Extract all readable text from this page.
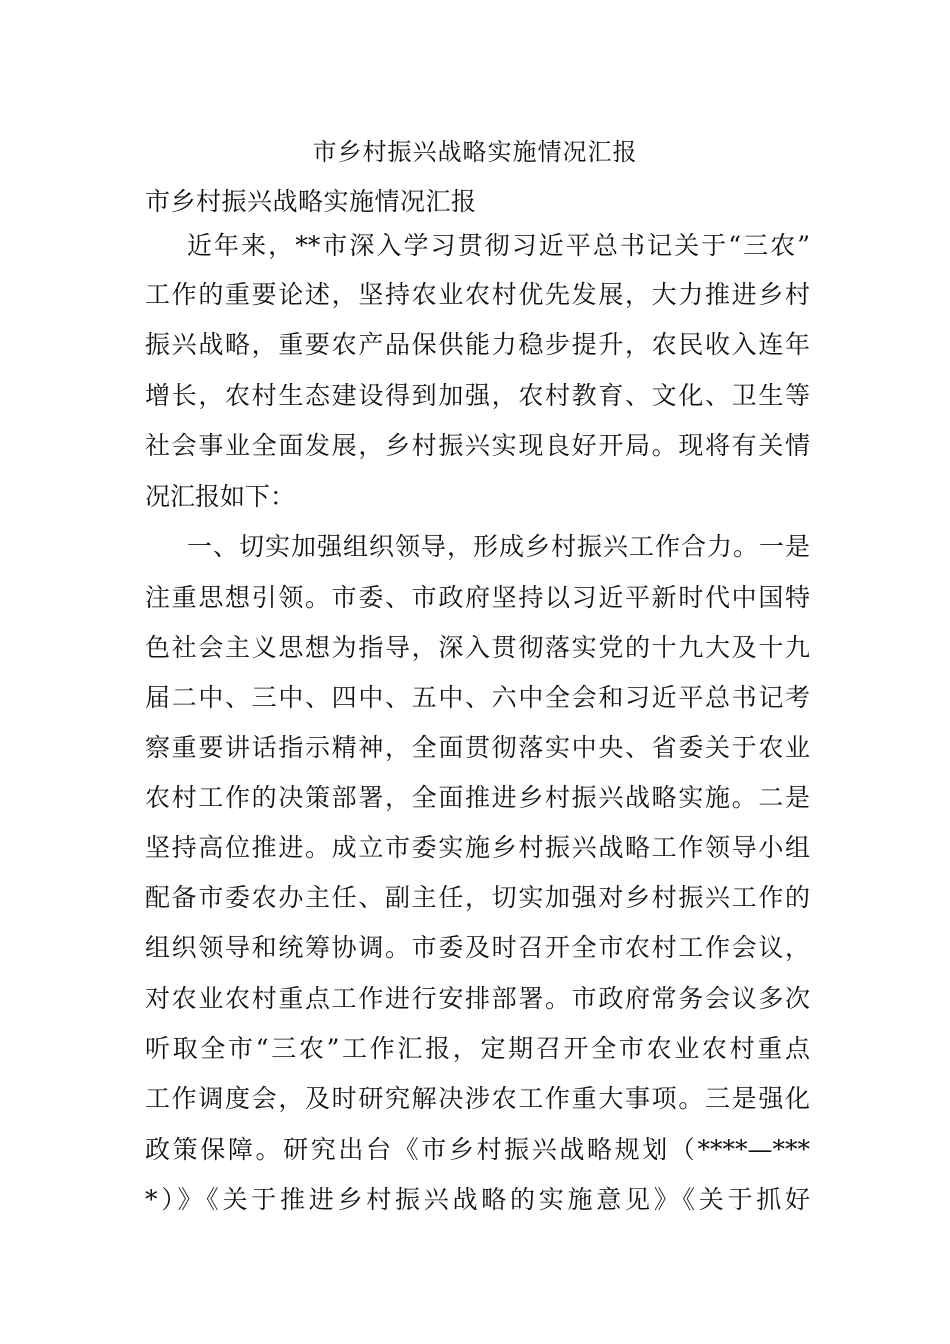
市乡村振兴战略实施情况汇报

市乡村振兴战略实施情况汇报

近年来，**市深入学习贯彻习近平总书记关于“三农”

工作的重要论述，坚持农业农村优先发展，大力推进乡村

振兴战略，重要农产品保供能力稳步提升，农民收入连年

增长，农村生态建设得到加强，农村教育、文化、卫生等

社会事业全面发展，乡村振兴实现良好开局。现将有关情

况汇报如下：

一、切实加强组织领导，形成乡村振兴工作合力。一是

注重思想引领。市委、市政府坚持以习近平新时代中国特

色社会主义思想为指导，深入贯彻落实党的十九大及十九

届二中、三中、四中、五中、六中全会和习近平总书记考

察重要讲话指示精神，全面贯彻落实中央、省委关于农业

农村工作的决策部署，全面推进乡村振兴战略实施。二是

坚持高位推进。成立市委实施乡村振兴战略工作领导小组

配备市委农办主任、副主任，切实加强对乡村振兴工作的

组织领导和统筹协调。市委及时召开全市农村工作会议，

对农业农村重点工作进行安排部署。市政府常务会议多次

听取全市“三农”工作汇报，定期召开全市农业农村重点

工作调度会，及时研究解决涉农工作重大事项。三是强化

政策保障。研究出台《市乡村振兴战略规划（****—***

*）》《关于推进乡村振兴战略的实施意见》《关于抓好
